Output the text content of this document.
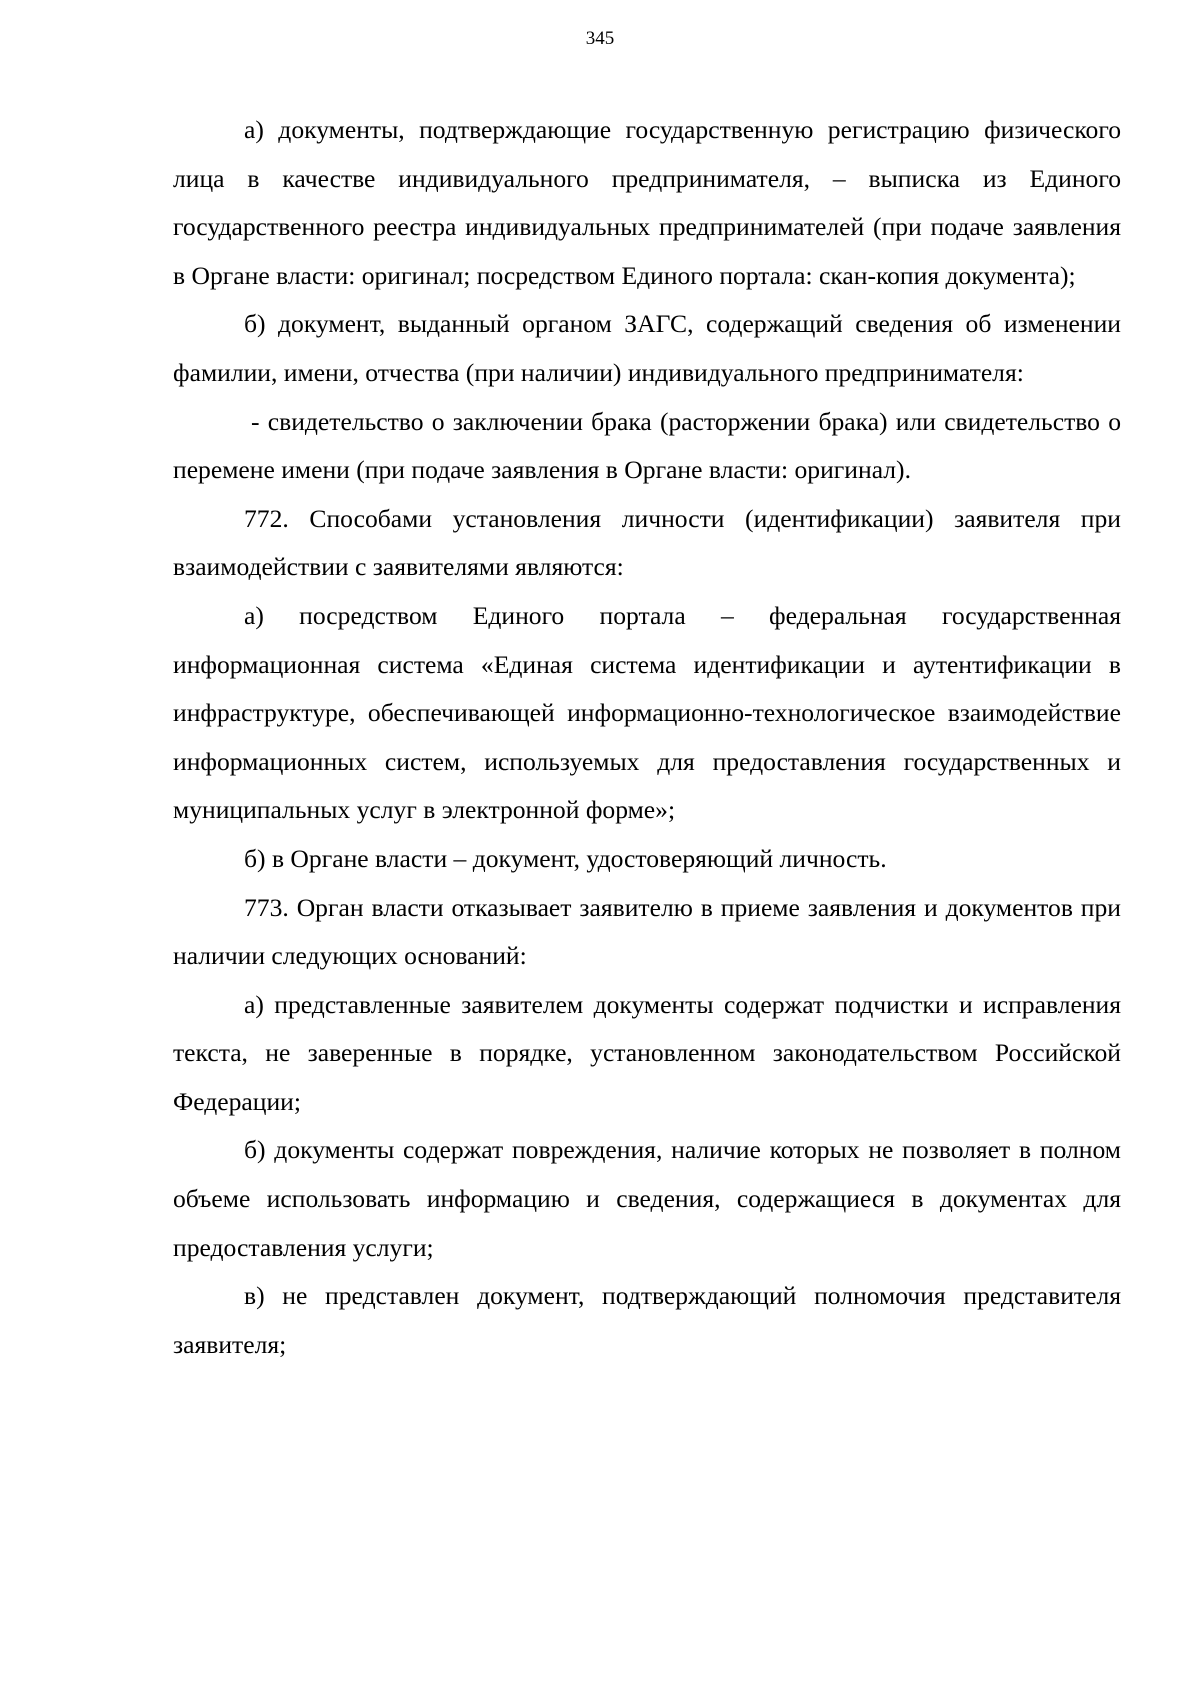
345

а) документы, подтверждающие государственную регистрацию физического лица в качестве индивидуального предпринимателя, – выписка из Единого государственного реестра индивидуальных предпринимателей (при подаче заявления в Органе власти: оригинал; посредством Единого портала: скан-копия документа);

б) документ, выданный органом ЗАГС, содержащий сведения об изменении фамилии, имени, отчества (при наличии) индивидуального предпринимателя:

- свидетельство о заключении брака (расторжении брака) или свидетельство о перемене имени (при подаче заявления в Органе власти: оригинал).

772. Способами установления личности (идентификации) заявителя при взаимодействии с заявителями являются:

а) посредством Единого портала – федеральная государственная информационная система «Единая система идентификации и аутентификации в инфраструктуре, обеспечивающей информационно-технологическое взаимодействие информационных систем, используемых для предоставления государственных и муниципальных услуг в электронной форме»;

б) в Органе власти – документ, удостоверяющий личность.

773. Орган власти отказывает заявителю в приеме заявления и документов при наличии следующих оснований:

а) представленные заявителем документы содержат подчистки и исправления текста, не заверенные в порядке, установленном законодательством Российской Федерации;

б) документы содержат повреждения, наличие которых не позволяет в полном объеме использовать информацию и сведения, содержащиеся в документах для предоставления услуги;

в) не представлен документ, подтверждающий полномочия представителя заявителя;
